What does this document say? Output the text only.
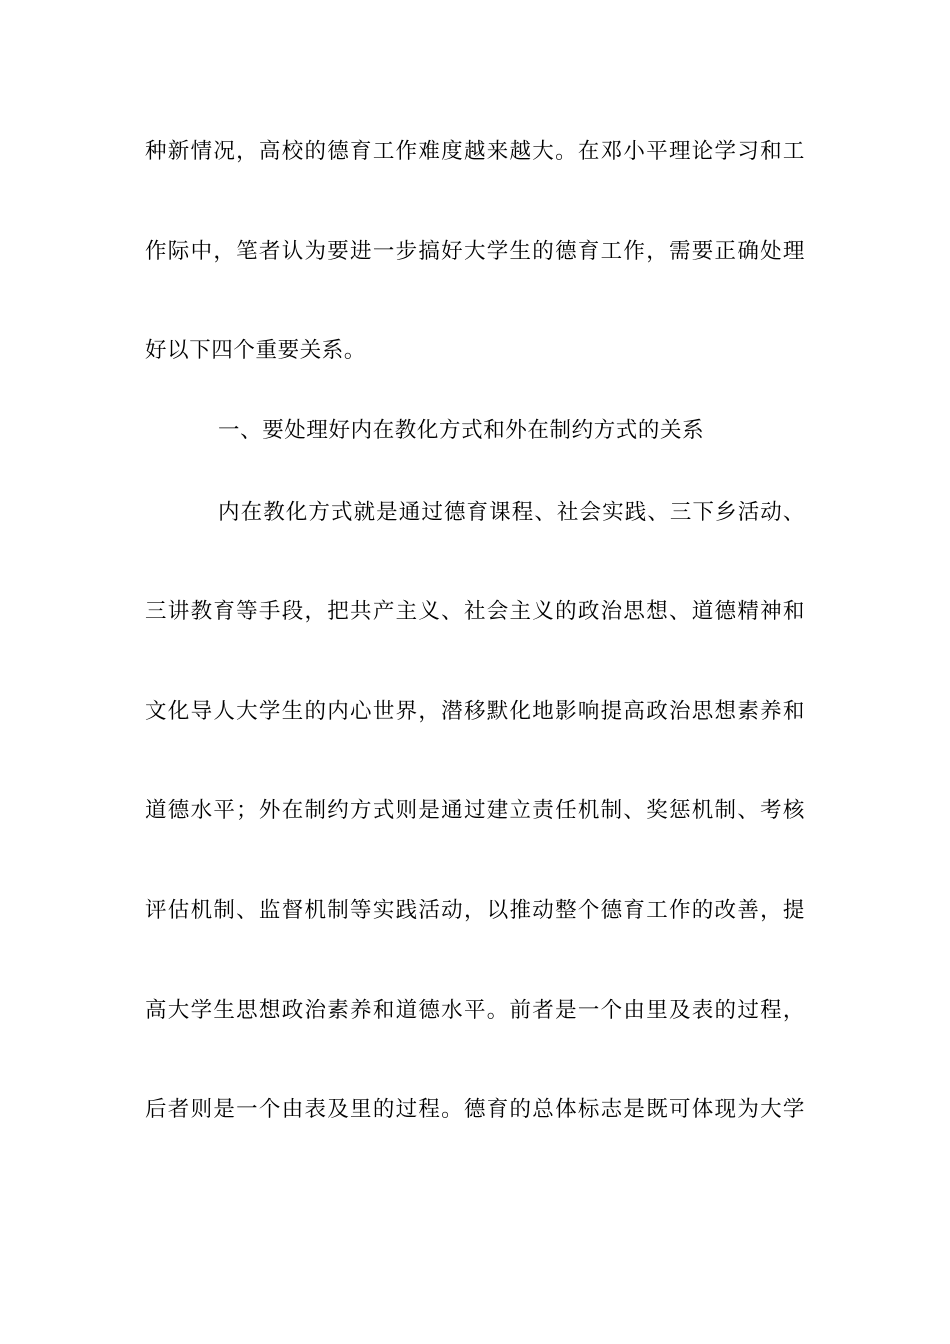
种新情况，高校的德育工作难度越来越大。在邓小平理论学习和工
作际中，笔者认为要进一步搞好大学生的德育工作，需要正确处理
好以下四个重要关系。
一、要处理好内在教化方式和外在制约方式的关系
内在教化方式就是通过德育课程、社会实践、三下乡活动、
三讲教育等手段，把共产主义、社会主义的政治思想、道德精神和
文化导人大学生的内心世界，潜移默化地影响提高政治思想素养和
道德水平；外在制约方式则是通过建立责任机制、奖惩机制、考核
评估机制、监督机制等实践活动，以推动整个德育工作的改善，提
高大学生思想政治素养和道德水平。前者是一个由里及表的过程，
后者则是一个由表及里的过程。德育的总体标志是既可体现为大学
